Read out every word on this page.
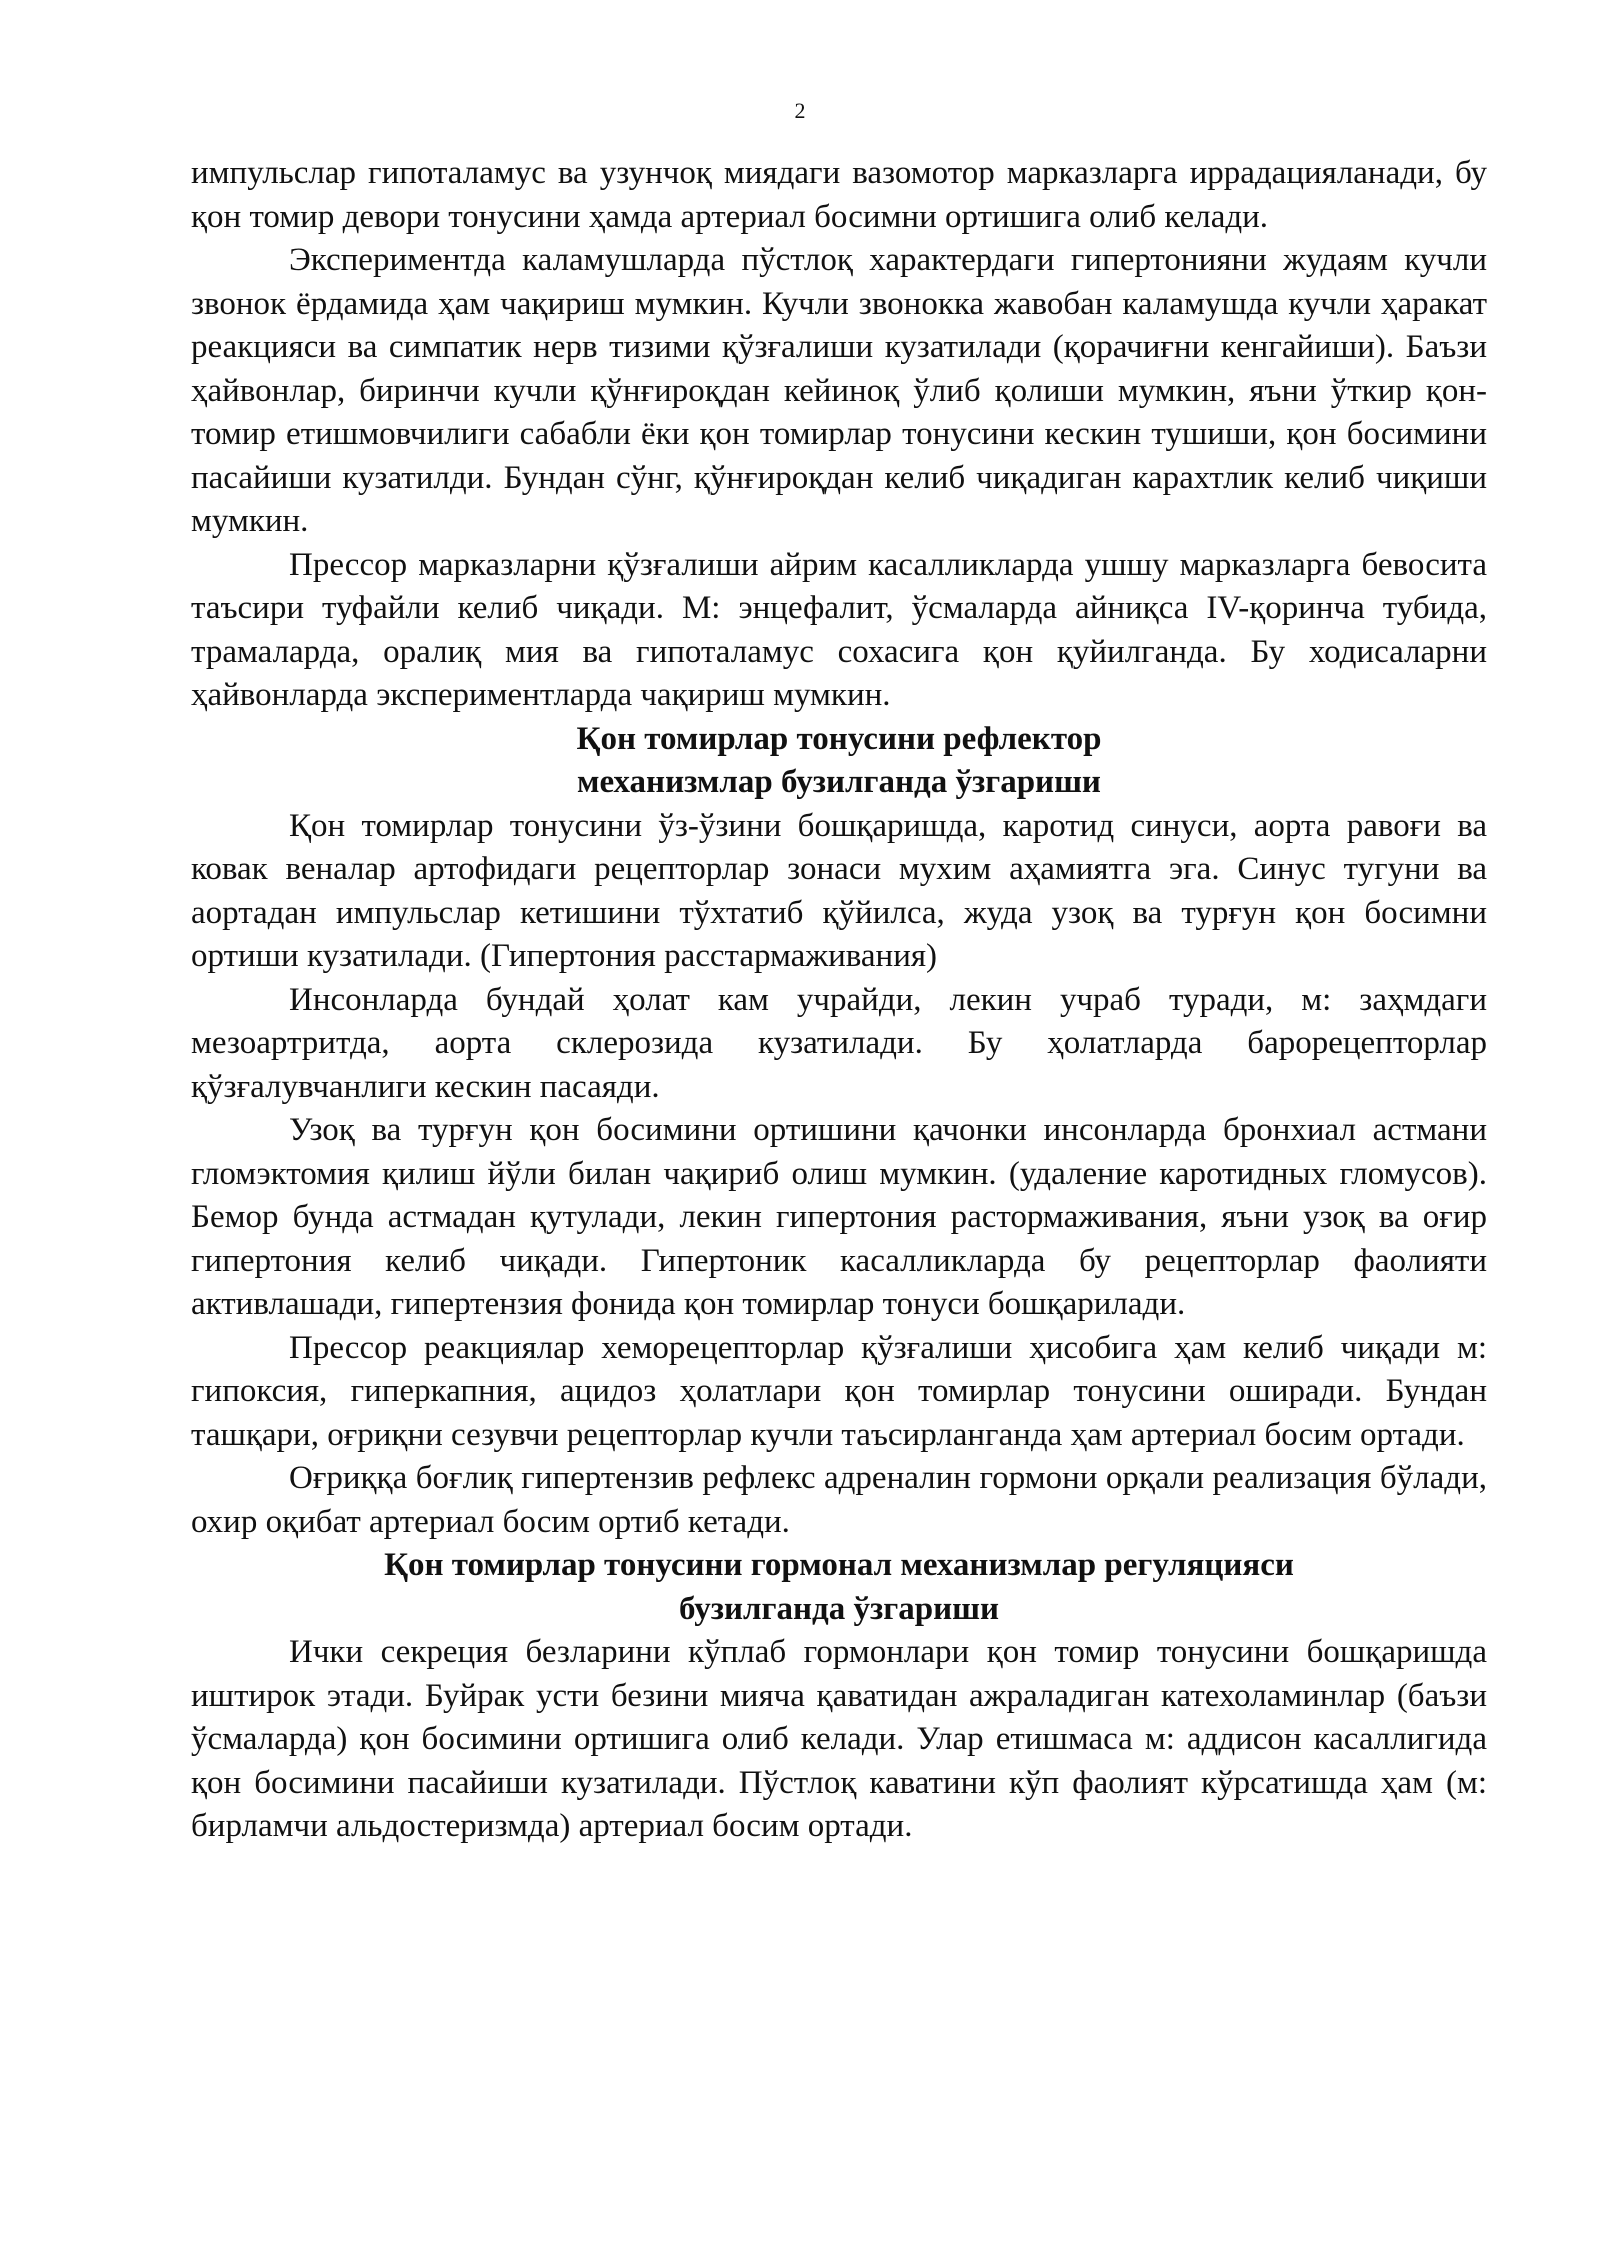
2

импульслар гипоталамус ва узунчоқ миядаги вазомотор марказларга иррадацияланади, бу қон томир девори тонусини ҳамда артериал босимни ортишига олиб келади.

Экспериментда каламушларда пўстлоқ характердаги гипертонияни жудаям кучли звонок ёрдамида ҳам чақириш мумкин. Кучли звонокка жавобан каламушда кучли ҳаракат реакцияси ва симпатик нерв тизими қўзғалиши кузатилади (қорачиғни кенгайиши). Баъзи ҳайвонлар, биринчи кучли қўнғироқдан кейиноқ ўлиб қолиши мумкин, яъни ўткир қон-томир етишмовчилиги сабабли ёки қон томирлар тонусини кескин тушиши, қон босимини пасайиши кузатилди. Бундан сўнг, қўнғироқдан келиб чиқадиган карахтлик келиб чиқиши мумкин.

Прессор марказларни қўзғалиши айрим касалликларда ушшу марказларга бевосита таъсири туфайли келиб чиқади. М: энцефалит, ўсмаларда айниқса IV-қоринча тубида, трамаларда, оралиқ мия ва гипоталамус сохасига қон қуйилганда. Бу ходисаларни ҳайвонларда экспериментларда чақириш мумкин.

Қон томирлар тонусини рефлектор
механизмлар бузилганда ўзгариши

Қон томирлар тонусини ўз-ўзини бошқаришда, каротид синуси, аорта равоғи ва ковак веналар артофидаги рецепторлар зонаси мухим аҳамиятга эга. Синус тугуни ва аортадан импульслар кетишини тўхтатиб қўйилса, жуда узоқ ва турғун қон босимни ортиши кузатилади. (Гипертония расстармаживания)

Инсонларда бундай ҳолат кам учрайди, лекин учраб туради, м: заҳмдаги мезоартритда, аорта склерозида кузатилади. Бу ҳолатларда барорецепторлар қўзғалувчанлиги кескин пасаяди.

Узоқ ва турғун қон босимини ортишини қачонки инсонларда бронхиал астмани гломэктомия қилиш йўли билан чақириб олиш мумкин. (удаление каротидных гломусов). Бемор бунда астмадан қутулади, лекин гипертония растормаживания, яъни узоқ ва оғир гипертония келиб чиқади. Гипертоник касалликларда бу рецепторлар фаолияти активлашади, гипертензия фонида қон томирлар тонуси бошқарилади.

Прессор реакциялар хеморецепторлар қўзғалиши ҳисобига ҳам келиб чиқади м: гипоксия, гиперкапния, ацидоз ҳолатлари қон томирлар тонусини оширади. Бундан ташқари, оғриқни сезувчи рецепторлар кучли таъсирланганда ҳам артериал босим ортади.

Оғриққа боғлиқ гипертензив рефлекс адреналин гормони орқали реализация бўлади, охир оқибат артериал босим ортиб кетади.

Қон томирлар тонусини гормонал механизмлар регуляцияси
бузилганда ўзгариши

Ички секреция безларини кўплаб гормонлари қон томир тонусини бошқаришда иштирок этади. Буйрак усти безини мияча қаватидан ажраладиган катехоламинлар (баъзи ўсмаларда) қон босимини ортишига олиб келади. Улар етишмаса м: аддисон касаллигида қон босимини пасайиши кузатилади. Пўстлоқ каватини кўп фаолият кўрсатишда ҳам (м: бирламчи альдостеризмда) артериал босим ортади.
